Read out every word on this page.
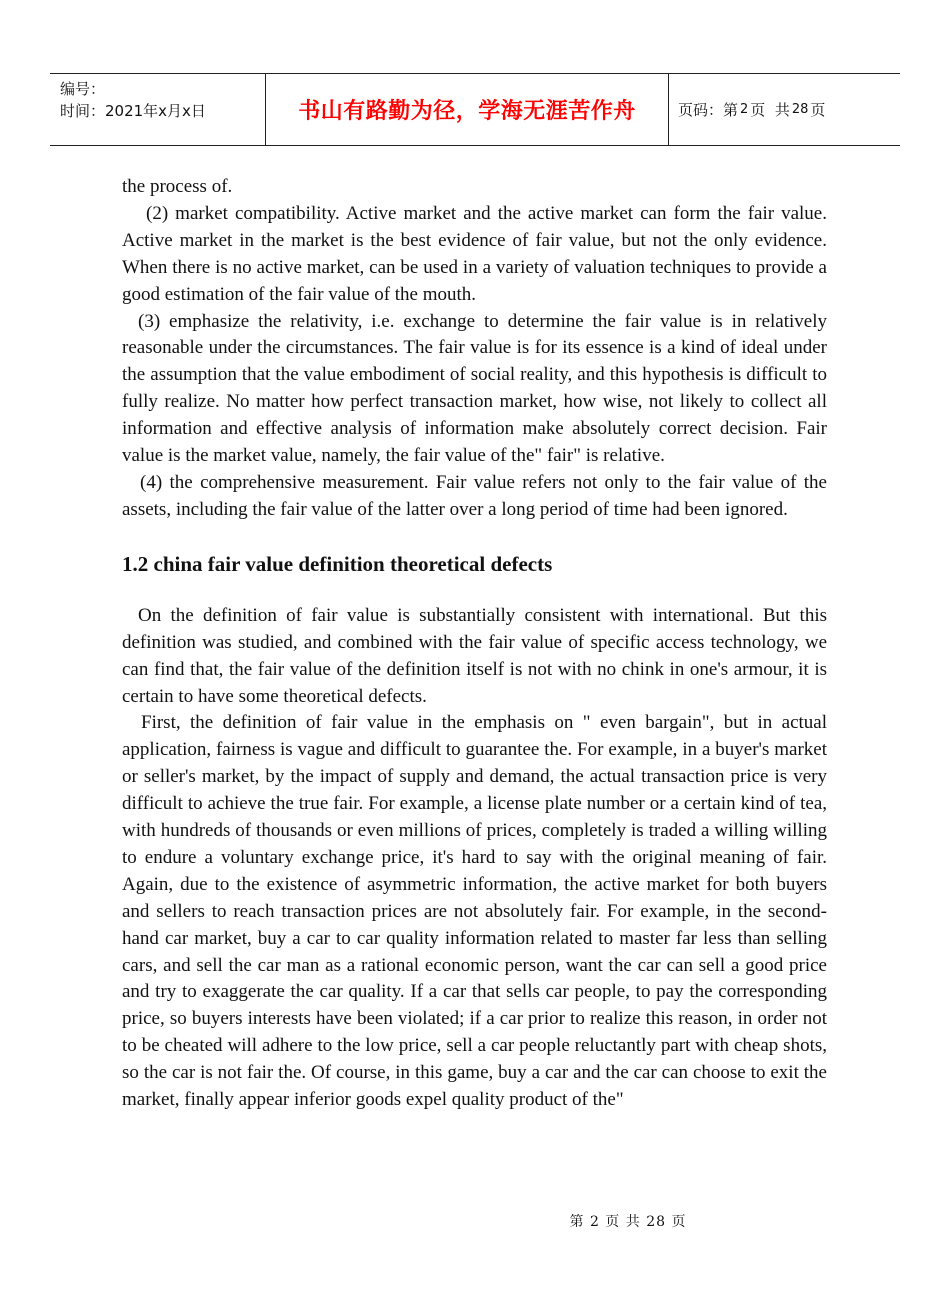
编号：
时间：2021年x月x日	书山有路勤为径，学海无涯苦作舟	页码：第 2 页  共 28 页

the process of.

(2) market compatibility. Active market and the active market can form the fair value. Active market in the market is the best evidence of fair value, but not the only evidence. When there is no active market, can be used in a variety of valuation techniques to provide a good estimation of the fair value of the mouth.

(3) emphasize the relativity, i.e. exchange to determine the fair value is in relatively reasonable under the circumstances. The fair value is for its essence is a kind of ideal under the assumption that the value embodiment of social reality, and this hypothesis is difficult to fully realize. No matter how perfect transaction market, how wise, not likely to collect all information and effective analysis of information make absolutely correct decision. Fair value is the market value, namely, the fair value of the" fair" is relative.

(4) the comprehensive measurement. Fair value refers not only to the fair value of the assets, including the fair value of the latter over a long period of time had been ignored.

1.2 china fair value definition theoretical defects

On the definition of fair value is substantially consistent with international. But this definition was studied, and combined with the fair value of specific access technology, we can find that, the fair value of the definition itself is not with no chink in one's armour, it is certain to have some theoretical defects.

First, the definition of fair value in the emphasis on " even bargain", but in actual application, fairness is vague and difficult to guarantee the. For example, in a buyer's market or seller's market, by the impact of supply and demand, the actual transaction price is very difficult to achieve the true fair. For example, a license plate number or a certain kind of tea, with hundreds of thousands or even millions of prices, completely is traded a willing willing to endure a voluntary exchange price, it's hard to say with the original meaning of fair. Again, due to the existence of asymmetric information, the active market for both buyers and sellers to reach transaction prices are not absolutely fair. For example, in the second-hand car market, buy a car to car quality information related to master far less than selling cars, and sell the car man as a rational economic person, want the car can sell a good price and try to exaggerate the car quality. If a car that sells car people, to pay the corresponding price, so buyers interests have been violated; if a car prior to realize this reason, in order not to be cheated will adhere to the low price, sell a car people reluctantly part with cheap shots, so the car is not fair the. Of course, in this game, buy a car and the car can choose to exit the market, finally appear inferior goods expel quality product of the"

第 2 页 共 28 页
